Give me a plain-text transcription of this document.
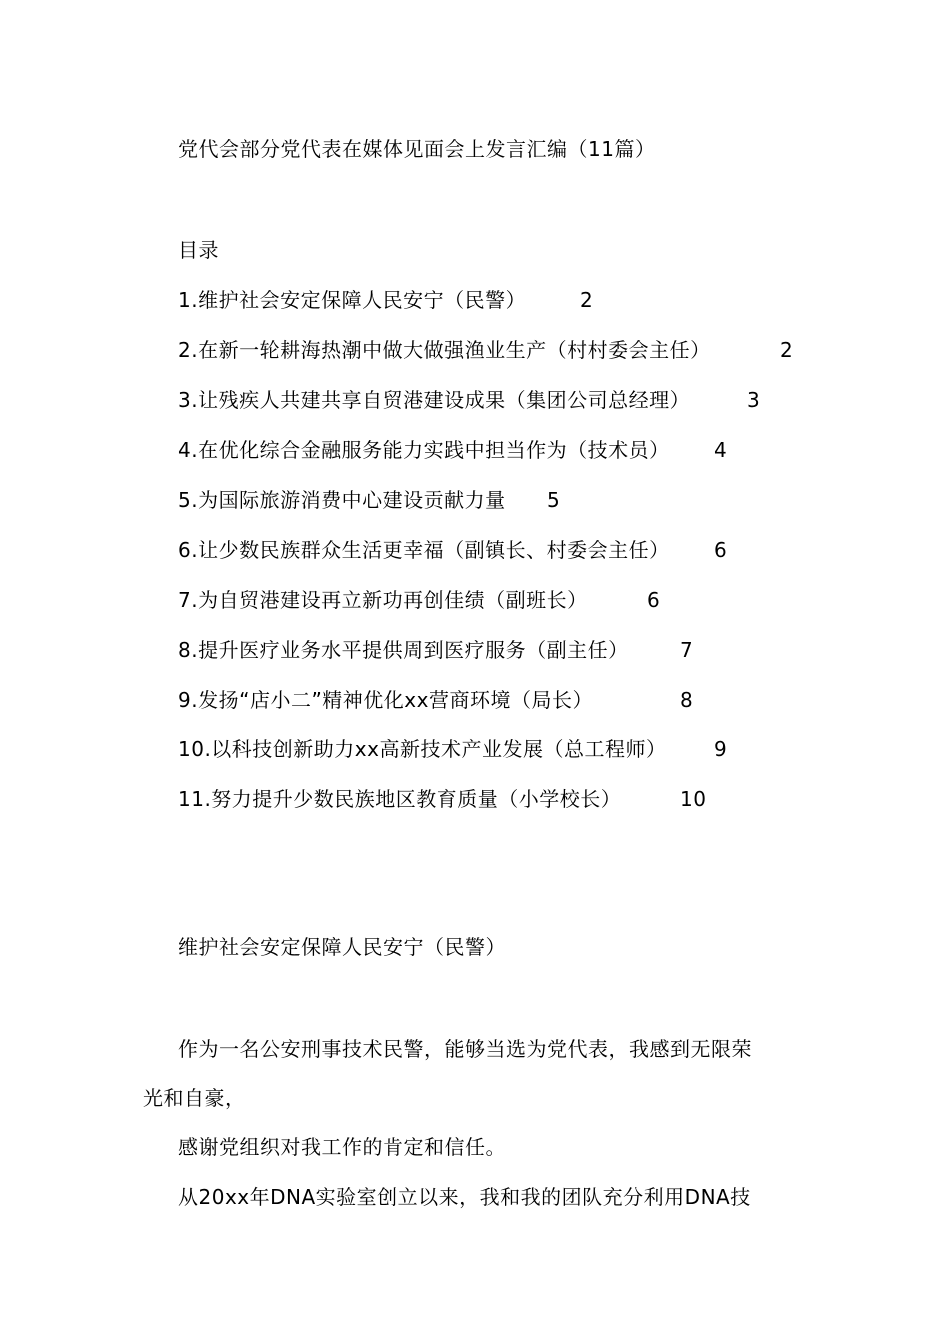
党代会部分党代表在媒体见面会上发言汇编（11篇）
目录
1.维护社会安定保障人民安宁（民警）	2
2.在新一轮耕海热潮中做大做强渔业生产（村村委会主任）	2
3.让残疾人共建共享自贸港建设成果（集团公司总经理）	3
4.在优化综合金融服务能力实践中担当作为（技术员） 4
5.为国际旅游消费中心建设贡献力量 5
6.让少数民族群众生活更幸福（副镇长、村委会主任） 6
7.为自贸港建设再立新功再创佳绩（副班长）	6
8.提升医疗业务水平提供周到医疗服务（副主任）	7
9.发扬“店小二”精神优化xx营商环境（局长）	8
10.以科技创新助力xx高新技术产业发展（总工程师） 9
11.努力提升少数民族地区教育质量（小学校长）	10
维护社会安定保障人民安宁（民警）
作为一名公安刑事技术民警，能够当选为党代表，我感到无限荣
光和自豪，
感谢党组织对我工作的肯定和信任。
从20xx年DNA实验室创立以来，我和我的团队充分利用DNA技
